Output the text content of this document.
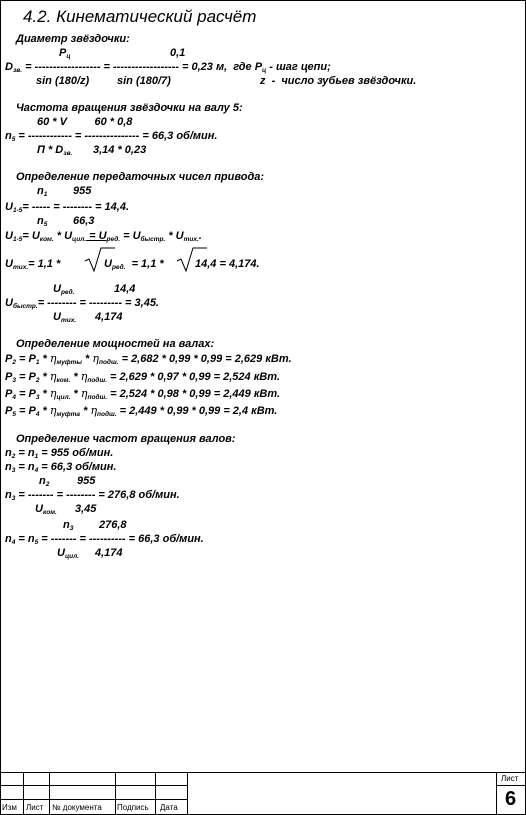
4.2. Кинематический расчёт
Диаметр звёздочки:
$P_ц$	0,1
$D_{зв.}$ = ------------------ = ------------------ = 0,23 м,  где $P_ц$ - шаг цепи;
sin (180/z)	sin (180/7)	z  -  число зубьев звёздочки.
Частота вращения звёздочки на валу 5:
60 * V         60 * 0,8
$n_5$ = ------------ = --------------- = 66,3 об/мин.
П * $D_{зв.}$ 3,14 * 0,23
Определение передаточных чисел привода:
$n_1$ 955
$U_{1-5}=$ ----- = -------- = 14,4.
$n_5$ 66,3
$U_{1-5}= U_{ком.} * U_{цил.} = U_{ред.} = U_{быстр.} * U_{тих.}$.
$U_{тих.}= 1,1$ *	$U_{ред.} = 1,1$ *	14,4 = 4,174.
$U_{ред.}$	14,4
$U_{быстр.}=$ -------- = --------- = 3,45.
$U_{тих.}$ 4,174
Определение мощностей на валах:
$P_2 = P_1 * \eta_{муфты} * \eta_{подш.} = 2,682 * 0,99 * 0,99 = 2,629$ кВт.
$P_3 = P_2 * \eta_{ком.} * \eta_{подш.} = 2,629 * 0,97 * 0,99 = 2,524$ кВт.
$P_4 = P_3 * \eta_{цил.} * \eta_{подш.} = 2,524 * 0,98 * 0,99 = 2,449$ кВт.
$P_5 = P_4 * \eta_{муфта} * \eta_{подш.} = 2,449 * 0,99 * 0,99 = 2,4$ кВт.
Определение частот вращения валов:
$n_2 = n_1 = 955$ об/мин.
$n_3 = n_4 = 66,3$ об/мин.
$n_2$	955
$n_3$ = ------- = -------- = 276,8 об/мин.
$U_{ком.}$ 3,45
$n_3$ 276,8
$n_4 = n_5$ = ------- = ---------- = 66,3 об/мин.
$U_{цил.}$ 4,174
Изм Лист № документа Подпись Дата
Лист
6
